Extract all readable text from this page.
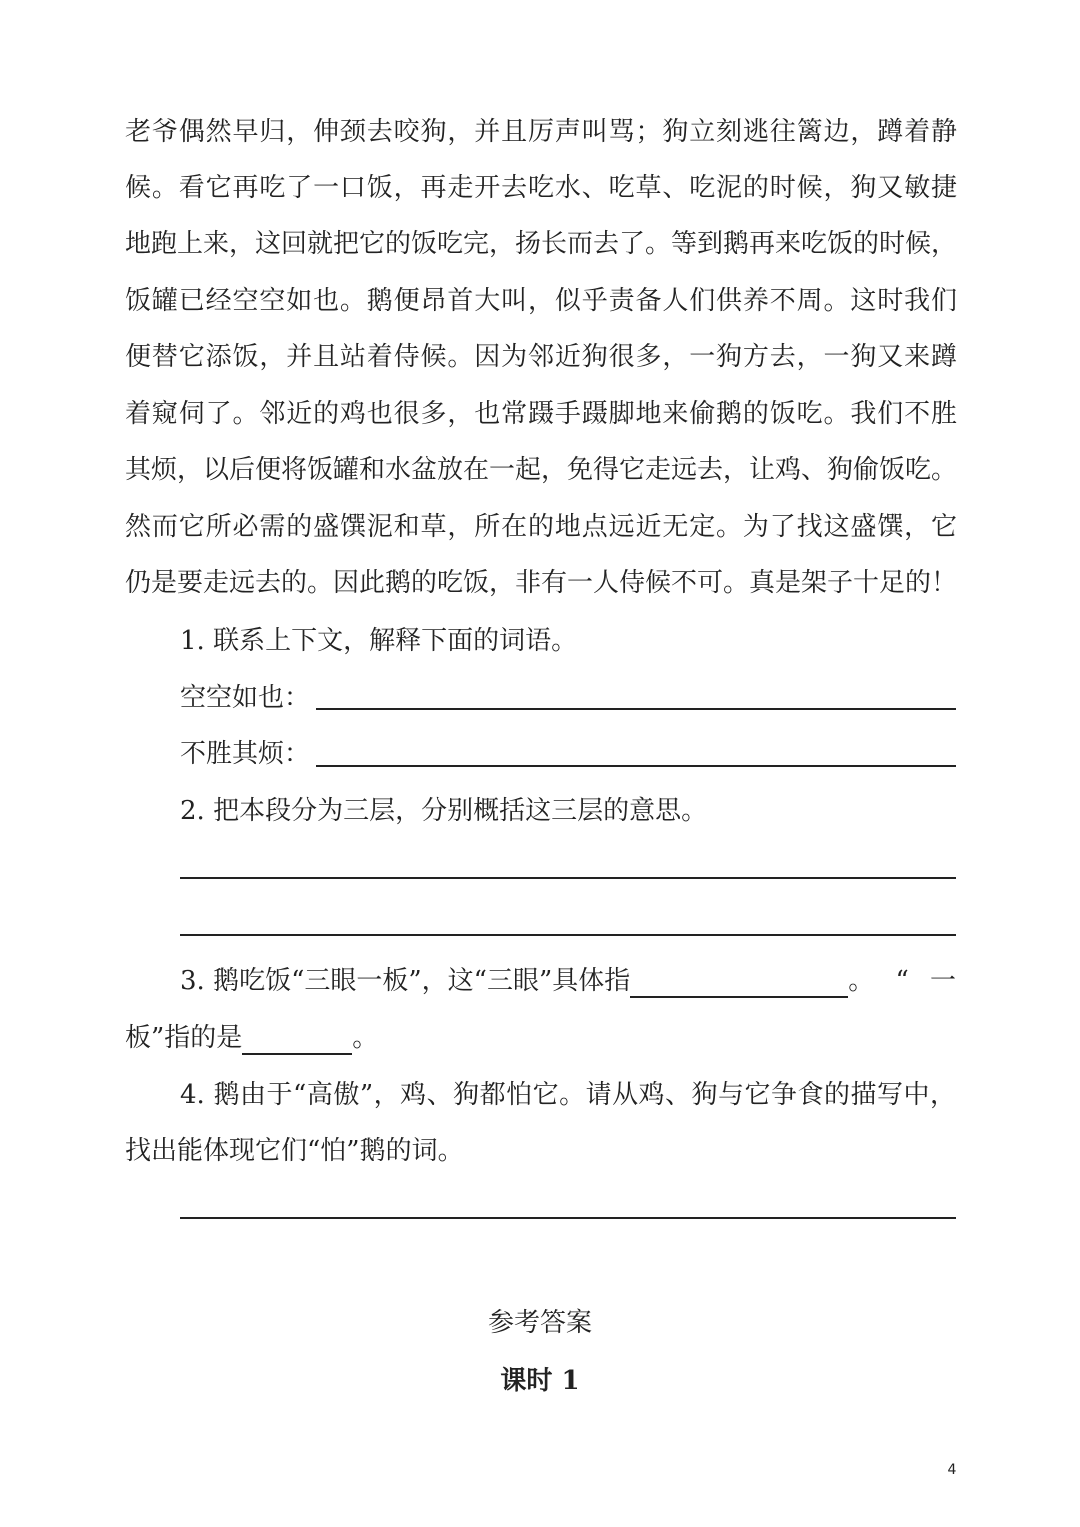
老爷偶然早归，伸颈去咬狗，并且厉声叫骂；狗立刻逃往篱边，蹲着静
候。看它再吃了一口饭，再走开去吃水、吃草、吃泥的时候，狗又敏捷
地跑上来，这回就把它的饭吃完，扬长而去了。等到鹅再来吃饭的时候，
饭罐已经空空如也。鹅便昂首大叫，似乎责备人们供养不周。这时我们
便替它添饭，并且站着侍候。因为邻近狗很多，一狗方去，一狗又来蹲
着窥伺了。邻近的鸡也很多，也常蹑手蹑脚地来偷鹅的饭吃。我们不胜
其烦，以后便将饭罐和水盆放在一起，免得它走远去，让鸡、狗偷饭吃。
然而它所必需的盛馔泥和草，所在的地点远近无定。为了找这盛馔，它
仍是要走远去的。因此鹅的吃饭，非有一人侍候不可。真是架子十足的！
1. 联系上下文，解释下面的词语。
空空如也：
不胜其烦：
2. 把本段分为三层，分别概括这三层的意思。
3. 鹅吃饭“三眼一板”，这“三眼”具体指	。“一
板”指的是	。
4. 鹅由于“高傲”，鸡、狗都怕它。请从鸡、狗与它争食的描写中，
找出能体现它们“怕”鹅的词。
参考答案
课时 1
4
